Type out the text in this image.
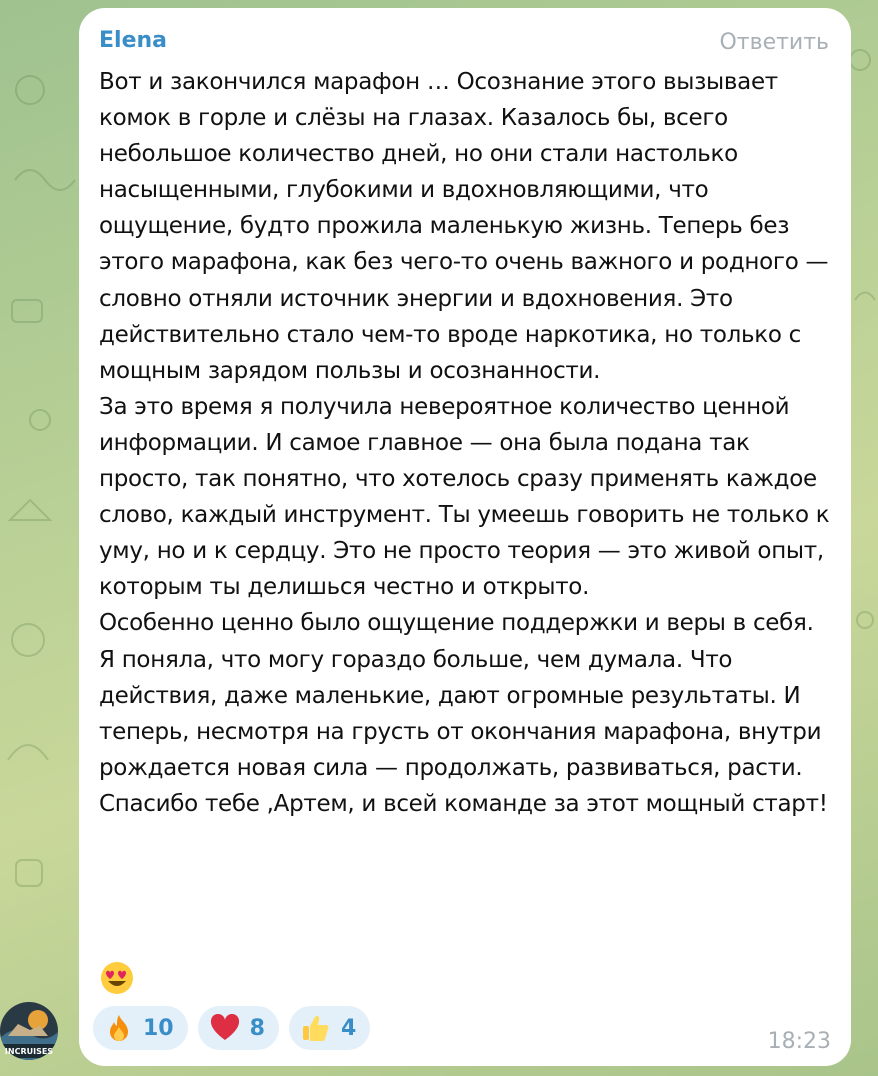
INCRUISES
Elena	Ответить

Вот и закончился марафон … Осознание этого вызывает комок в горле и слёзы на глазах. Казалось бы, всего небольшое количество дней, но они стали настолько насыщенными, глубокими и вдохновляющими, что ощущение, будто прожила маленькую жизнь. Теперь без этого марафона, как без чего-то очень важного и родного — словно отняли источник энергии и вдохновения. Это действительно стало чем-то вроде наркотика, но только с мощным зарядом пользы и осознанности.

За это время я получила невероятное количество ценной информации. И самое главное — она была подана так просто, так понятно, что хотелось сразу применять каждое слово, каждый инструмент. Ты умеешь говорить не только к уму, но и к сердцу. Это не просто теория — это живой опыт, которым ты делишься честно и открыто.

Особенно ценно было ощущение поддержки и веры в себя. Я поняла, что могу гораздо больше, чем думала. Что действия, даже маленькие, дают огромные результаты. И теперь, несмотря на грусть от окончания марафона, внутри рождается новая сила — продолжать, развиваться, расти.

Спасибо тебе ,Артем, и всей команде за этот мощный старт!

10	8	4
18:23
